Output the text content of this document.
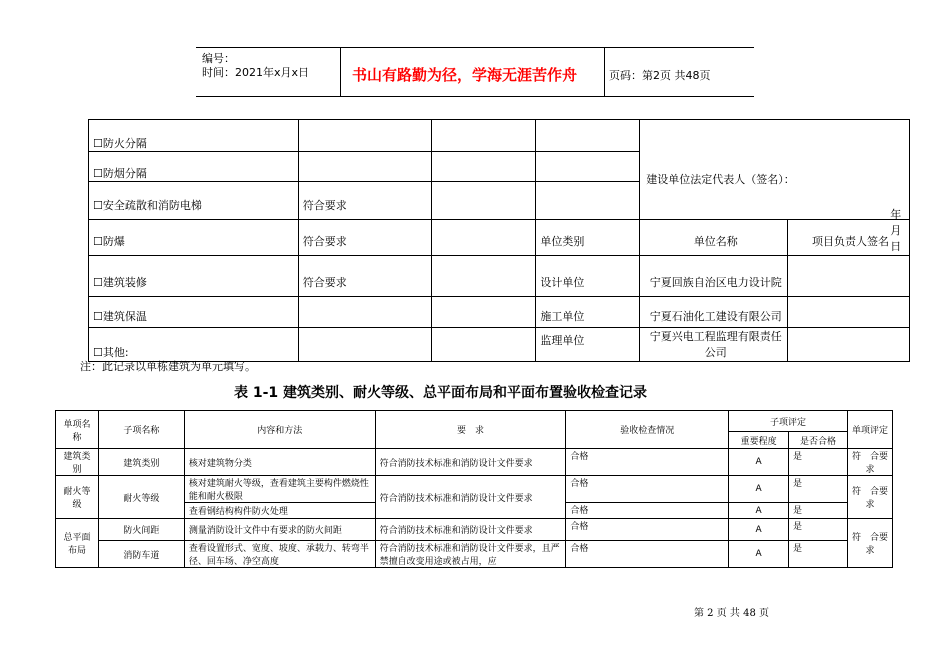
编号：
时间：2021年x月x日	书山有路勤为径，学海无涯苦作舟	页码：第2页 共48页
☐防火分隔				建设单位法定代表人（签名）：
年　　月　　日	

☐防烟分隔					
☐安全疏散和消防电梯	符合要求				
☐防爆	符合要求		单位类别	单位名称	项目负责人签名
☐建筑装修	符合要求		设计单位	宁夏回族自治区电力设计院	
☐建筑保温			施工单位	宁夏石油化工建设有限公司	
☐其他:			监理单位	宁夏兴电工程监理有限责任公司	
注：此记录以单栋建筑为单元填写。
表 1-1 建筑类别、耐火等级、总平面布局和平面布置验收检查记录
单项名称	子项名称	内容和方法	要　求	验收检查情况	子项评定		单项评定
					重要程度	是否合格	
建筑类别	建筑类别	核对建筑物分类	符合消防技术标准和消防设计文件要求	合格	A	是	符　合要求
耐火等级	耐火等级	核对建筑耐火等级，查看建筑主要构件燃烧性能和耐火极限	符合消防技术标准和消防设计文件要求	合格	A	是	符　合要求
		查看钢结构构件防火处理		合格	A	是	
总平面布局	防火间距	测量消防设计文件中有要求的防火间距	符合消防技术标准和消防设计文件要求	合格	A	是	符　合要求
	消防车道	查看设置形式、宽度、坡度、承载力、转弯半径、回车场、净空高度	符合消防技术标准和消防设计文件要求，且严禁擅自改变用途或被占用，应	合格	A	是	
第 2 页 共 48 页
